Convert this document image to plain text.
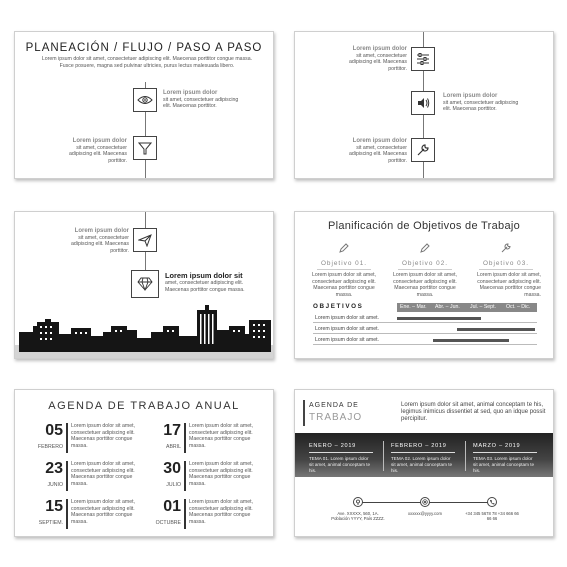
PLANEACIÓN / FLUJO / PASO A PASO
Lorem ipsum dolor sit amet, consectetuer adipiscing elit. Maecenas porttitor congue massa. Fusce posuere, magna sed pulvinar ultricies, purus lectus malesuada libero.
Lorem ipsum dolor
sit amet, consectetuer adipiscing elit. Maecenas porttitor.
Lorem ipsum dolor
sit amet, consectetuer adipiscing elit. Maecenas porttitor.
Lorem ipsum dolor
sit amet, consectetuer adipiscing elit. Maecenas porttitor.
Lorem ipsum dolor
sit amet, consectetuer adipiscing elit. Maecenas porttitor.
Lorem ipsum dolor
sit amet, consectetuer adipiscing elit. Maecenas porttitor.
Lorem ipsum dolor
sit amet, consectetuer adipiscing elit. Maecenas porttitor.
Lorem ipsum dolor sit
amet, consectetuer adipiscing elit. Maecenas porttitor congue massa.
Planificación de Objetivos de Trabajo
Objetivo 01.
Lorem ipsum dolor sit amet, consectetuer adipiscing elit. Maecenas porttitor congue massa.
Objetivo 02.
Lorem ipsum dolor sit amet, consectetuer adipiscing elit. Maecenas porttitor congue massa.
Objetivo 03.
Lorem ipsum dolor sit amet, consectetuer adipiscing elit. Maecenas porttitor congue massa.
OBJETIVOS	Ene. – Mar. Abr. – Jun. Jul. – Sept. Oct. – Dic.
Lorem ipsum dolor sit amet.
Lorem ipsum dolor sit amet.
Lorem ipsum dolor sit amet.
AGENDA DE TRABAJO ANUAL
05
FEBRERO
Lorem ipsum dolor sit amet, consectetuer adipiscing elit. Maecenas porttitor congue massa.
17
ABRIL
Lorem ipsum dolor sit amet, consectetuer adipiscing elit. Maecenas porttitor congue massa.
23
JUNIO
Lorem ipsum dolor sit amet, consectetuer adipiscing elit. Maecenas porttitor congue massa.
30
JULIO
Lorem ipsum dolor sit amet, consectetuer adipiscing elit. Maecenas porttitor congue massa.
15
SEPTIEM.
Lorem ipsum dolor sit amet, consectetuer adipiscing elit. Maecenas porttitor congue massa.
01
OCTUBRE
Lorem ipsum dolor sit amet, consectetuer adipiscing elit. Maecenas porttitor congue massa.
AGENDA DE
TRABAJO
Lorem ipsum dolor sit amet, animal conceptam te his, legimus inimicus dissentiet at sed, quo an idque possit percipitur.
ENERO – 2019
TEMA 01. Lorem ipsum dolor sit amet, animal conceptam te his.
FEBRERO – 2019
TEMA 02. Lorem ipsum dolor sit amet, animal conceptam te his.
MARZO – 2019
TEMA 03. Lorem ipsum dolor sit amet, animal conceptam te his.
Ave. XXXXX, 560, 1A. Población YYYY, País ZZZZ.
xxxxxx@yyyy.com	+34 345 5678 78 +34 666 66 66 66
